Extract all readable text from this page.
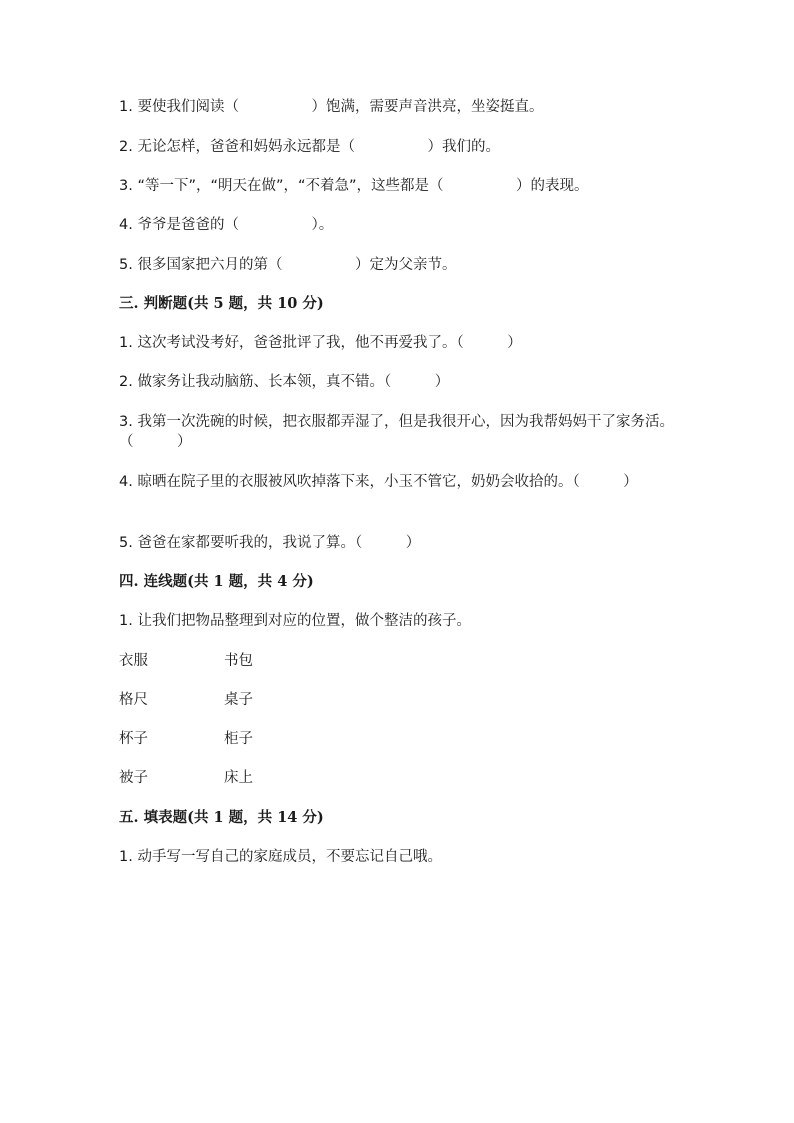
1. 要使我们阅读（　　　　　）饱满，需要声音洪亮，坐姿挺直。
2. 无论怎样，爸爸和妈妈永远都是（　　　　　）我们的。
3. “等一下”，“明天在做”，“不着急”，这些都是（　　　　　）的表现。
4. 爷爷是爸爸的（　　　　　）。
5. 很多国家把六月的第（　　　　　）定为父亲节。
三. 判断题(共 5 题，共 10 分)
1. 这次考试没考好，爸爸批评了我，他不再爱我了。（　　　）
2. 做家务让我动脑筋、长本领，真不错。（　　　）
3. 我第一次洗碗的时候，把衣服都弄湿了，但是我很开心，因为我帮妈妈干了家务活。（　　　）
4. 晾晒在院子里的衣服被风吹掉落下来，小玉不管它，奶奶会收拾的。（　　　）
5. 爸爸在家都要听我的，我说了算。（　　　）
四. 连线题(共 1 题，共 4 分)
1. 让我们把物品整理到对应的位置，做个整洁的孩子。
衣服	书包
格尺	桌子
杯子	柜子
被子	床上
五. 填表题(共 1 题，共 14 分)
1. 动手写一写自己的家庭成员，不要忘记自己哦。
